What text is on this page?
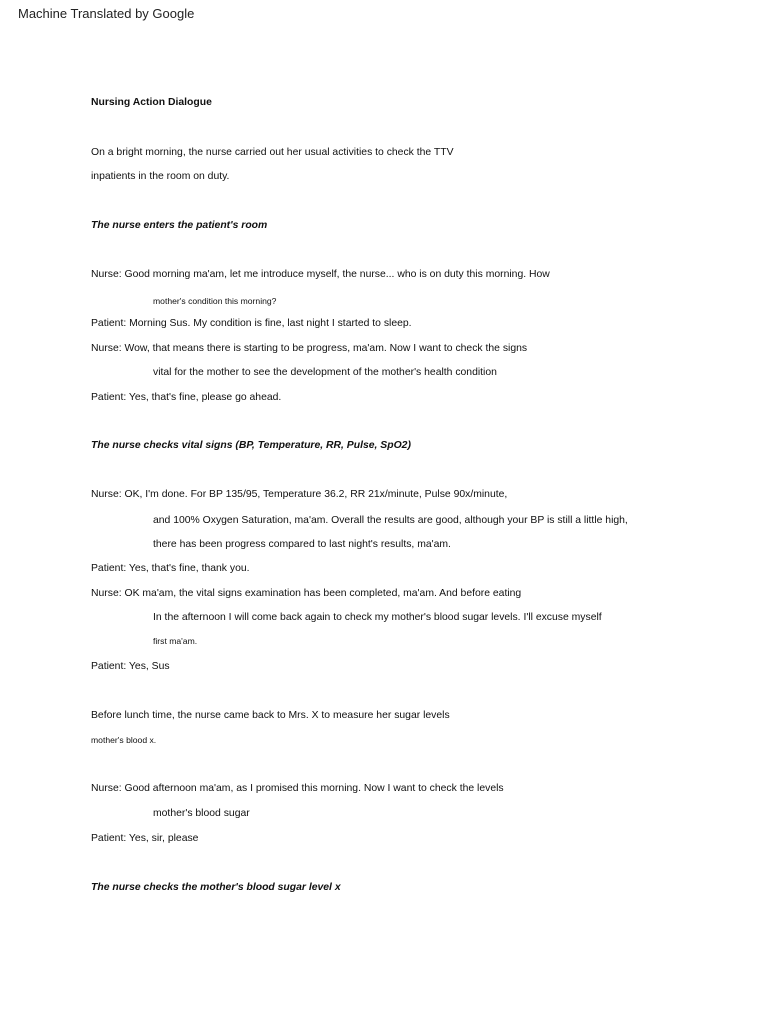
Machine Translated by Google
Nursing Action Dialogue
On a bright morning, the nurse carried out her usual activities to check the TTV
inpatients in the room on duty.
The nurse enters the patient's room
Nurse: Good morning ma'am, let me introduce myself, the nurse... who is on duty this morning. How
mother's condition this morning?
Patient: Morning Sus. My condition is fine, last night I started to sleep.
Nurse: Wow, that means there is starting to be progress, ma'am. Now I want to check the signs
vital for the mother to see the development of the mother's health condition
Patient: Yes, that's fine, please go ahead.
The nurse checks vital signs (BP, Temperature, RR, Pulse, SpO2)
Nurse: OK, I'm done. For BP 135/95, Temperature 36.2, RR 21x/minute, Pulse 90x/minute,
and 100% Oxygen Saturation, ma'am. Overall the results are good, although your BP is still a little high,
there has been progress compared to last night's results, ma'am.
Patient: Yes, that's fine, thank you.
Nurse: OK ma'am, the vital signs examination has been completed, ma'am. And before eating
In the afternoon I will come back again to check my mother's blood sugar levels. I'll excuse myself
first ma'am.
Patient: Yes, Sus
Before lunch time, the nurse came back to Mrs. X to measure her sugar levels
mother's blood x.
Nurse: Good afternoon ma'am, as I promised this morning. Now I want to check the levels
mother's blood sugar
Patient: Yes, sir, please
The nurse checks the mother's blood sugar level x
